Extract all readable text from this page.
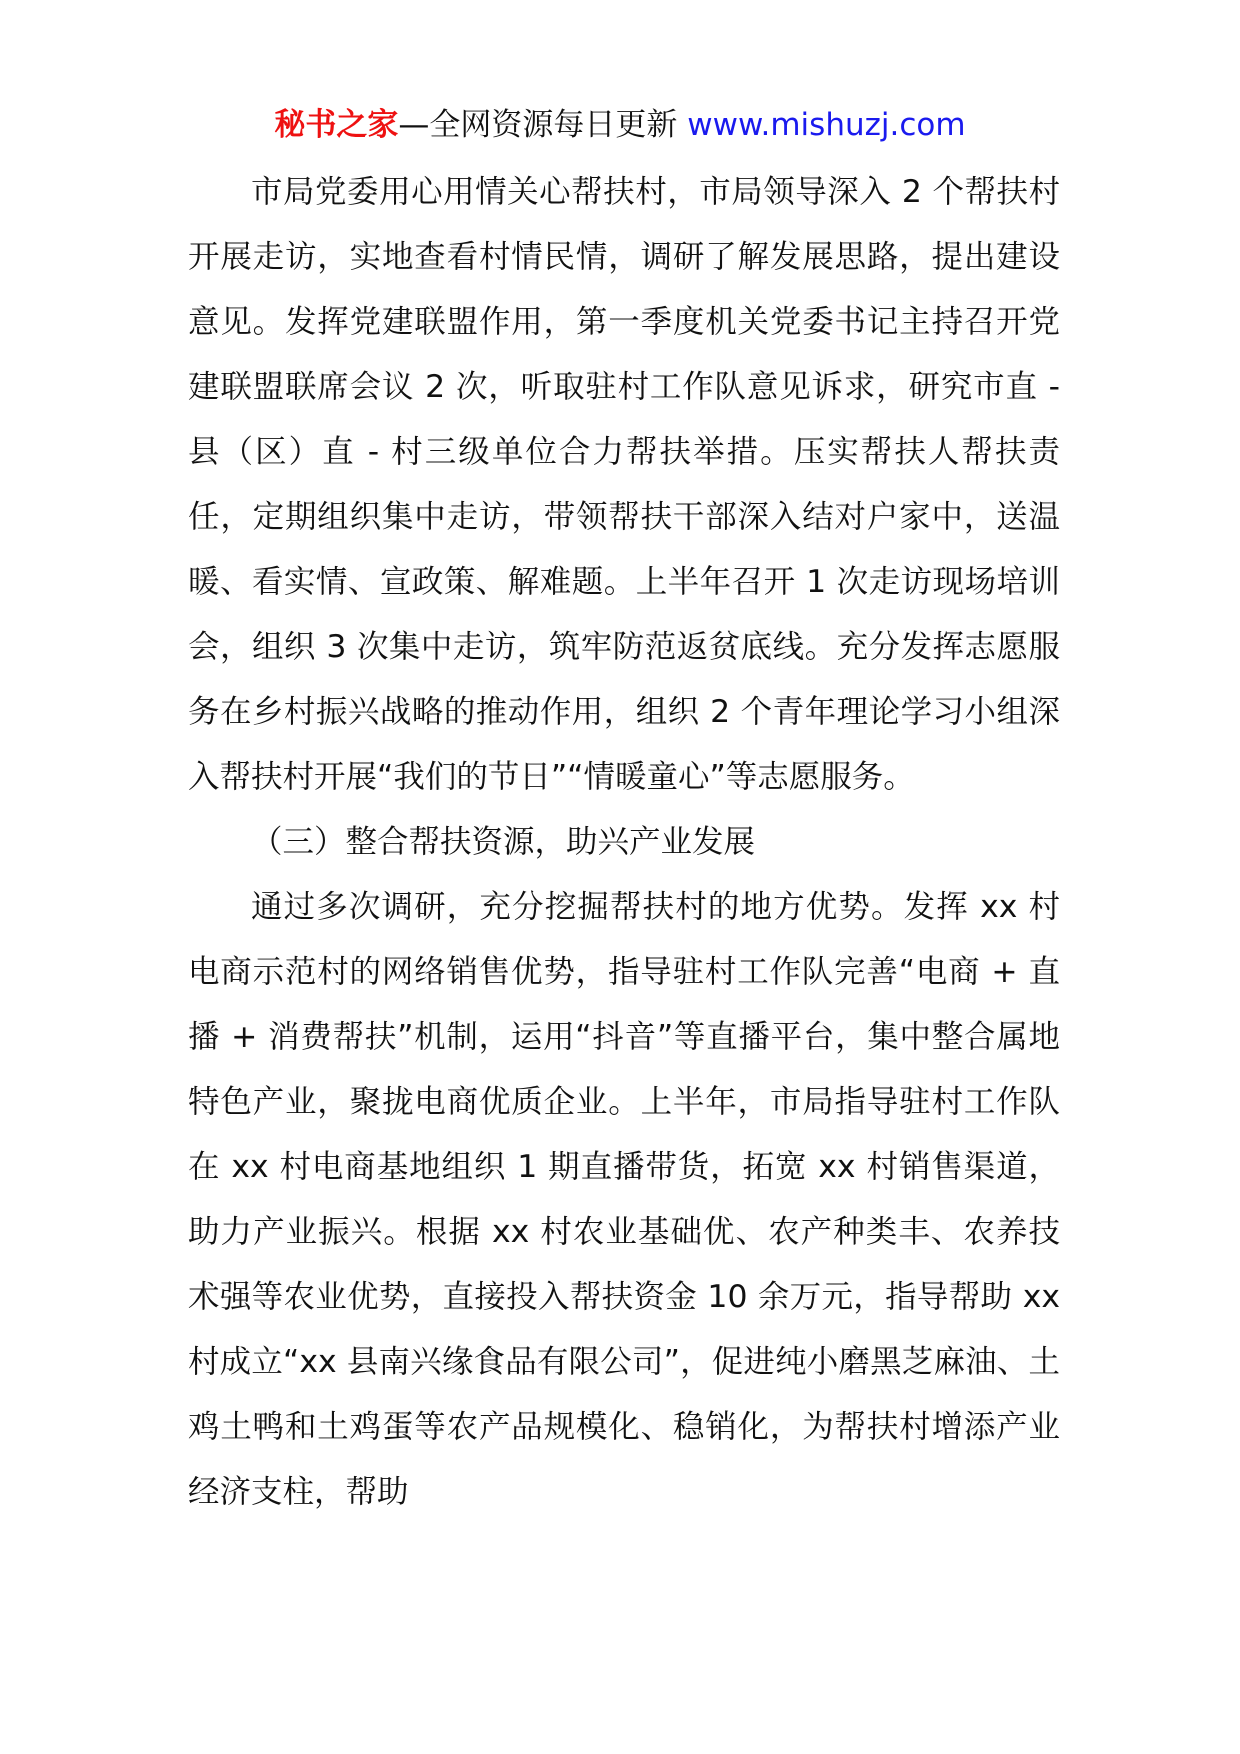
秘书之家—全网资源每日更新 www.mishuzj.com

市局党委用心用情关心帮扶村，市局领导深入 2 个帮扶村开展走访，实地查看村情民情，调研了解发展思路，提出建设意见。发挥党建联盟作用，第一季度机关党委书记主持召开党建联盟联席会议 2 次，听取驻村工作队意见诉求，研究市直 - 县（区）直 - 村三级单位合力帮扶举措。压实帮扶人帮扶责任，定期组织集中走访，带领帮扶干部深入结对户家中，送温暖、看实情、宣政策、解难题。上半年召开 1 次走访现场培训会，组织 3 次集中走访，筑牢防范返贫底线。充分发挥志愿服务在乡村振兴战略的推动作用，组织 2 个青年理论学习小组深入帮扶村开展“我们的节日”“情暖童心”等志愿服务。

（三）整合帮扶资源，助兴产业发展

通过多次调研，充分挖掘帮扶村的地方优势。发挥 xx 村电商示范村的网络销售优势，指导驻村工作队完善“电商 + 直播 + 消费帮扶”机制，运用“抖音”等直播平台，集中整合属地特色产业，聚拢电商优质企业。上半年，市局指导驻村工作队在 xx 村电商基地组织 1 期直播带货，拓宽 xx 村销售渠道，助力产业振兴。根据 xx 村农业基础优、农产种类丰、农养技术强等农业优势，直接投入帮扶资金 10 余万元，指导帮助 xx 村成立“xx 县南兴缘食品有限公司”，促进纯小磨黑芝麻油、土鸡土鸭和土鸡蛋等农产品规模化、稳销化，为帮扶村增添产业经济支柱，帮助
